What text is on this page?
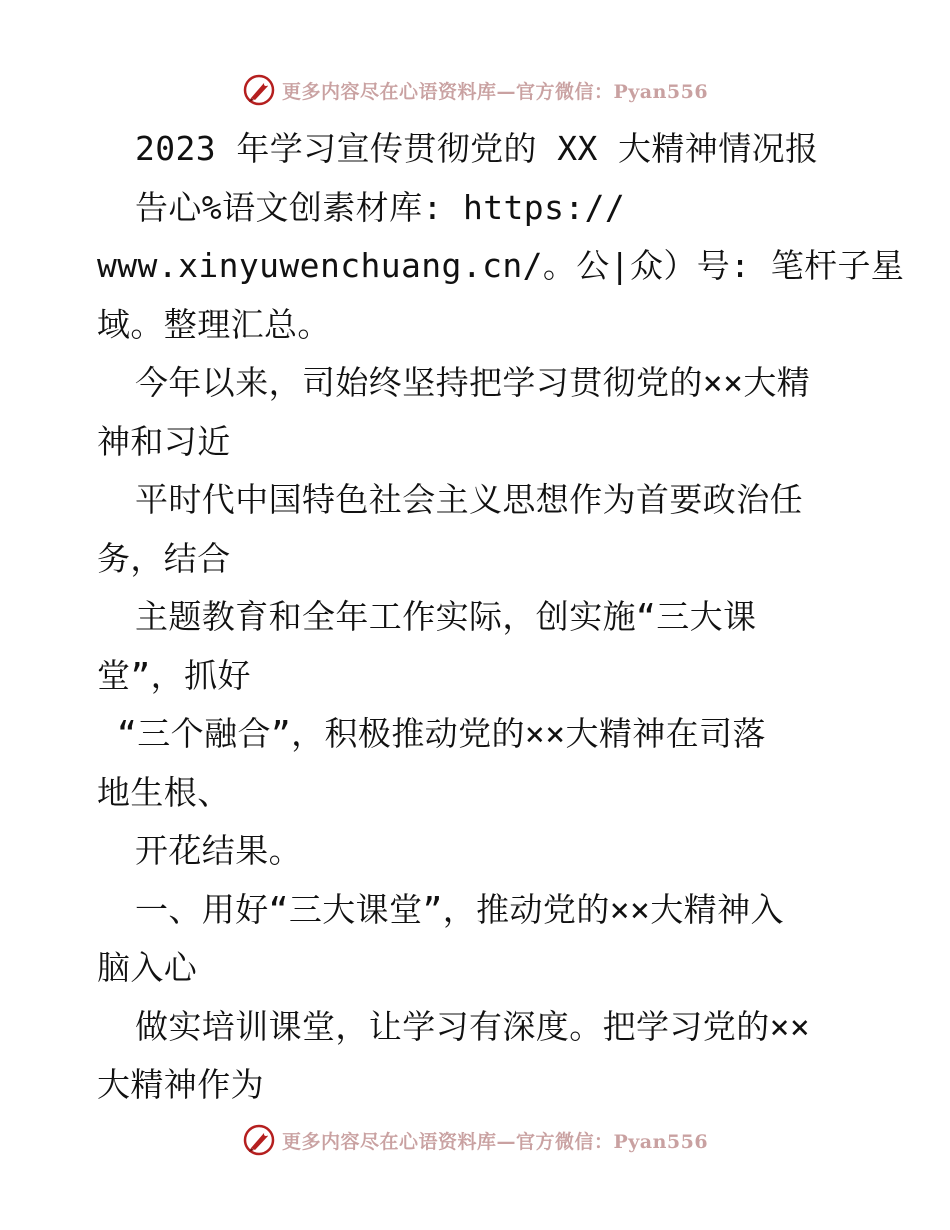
更多内容尽在心语资料库—官方微信：Pyan556
2023 年学习宣传贯彻党的 XX 大精神情况报
告心%语文创素材库: https://
www.xinyuwenchuang.cn/。公|众）号: 笔杆子星
域。整理汇总。
今年以来，司始终坚持把学习贯彻党的××大精
神和习近
平时代中国特色社会主义思想作为首要政治任
务，结合
主题教育和全年工作实际，创实施“三大课
堂”，抓好
“三个融合”，积极推动党的××大精神在司落
地生根、
开花结果。
一、用好“三大课堂”，推动党的××大精神入
脑入心
做实培训课堂，让学习有深度。把学习党的××
大精神作为
更多内容尽在心语资料库—官方微信：Pyan556
